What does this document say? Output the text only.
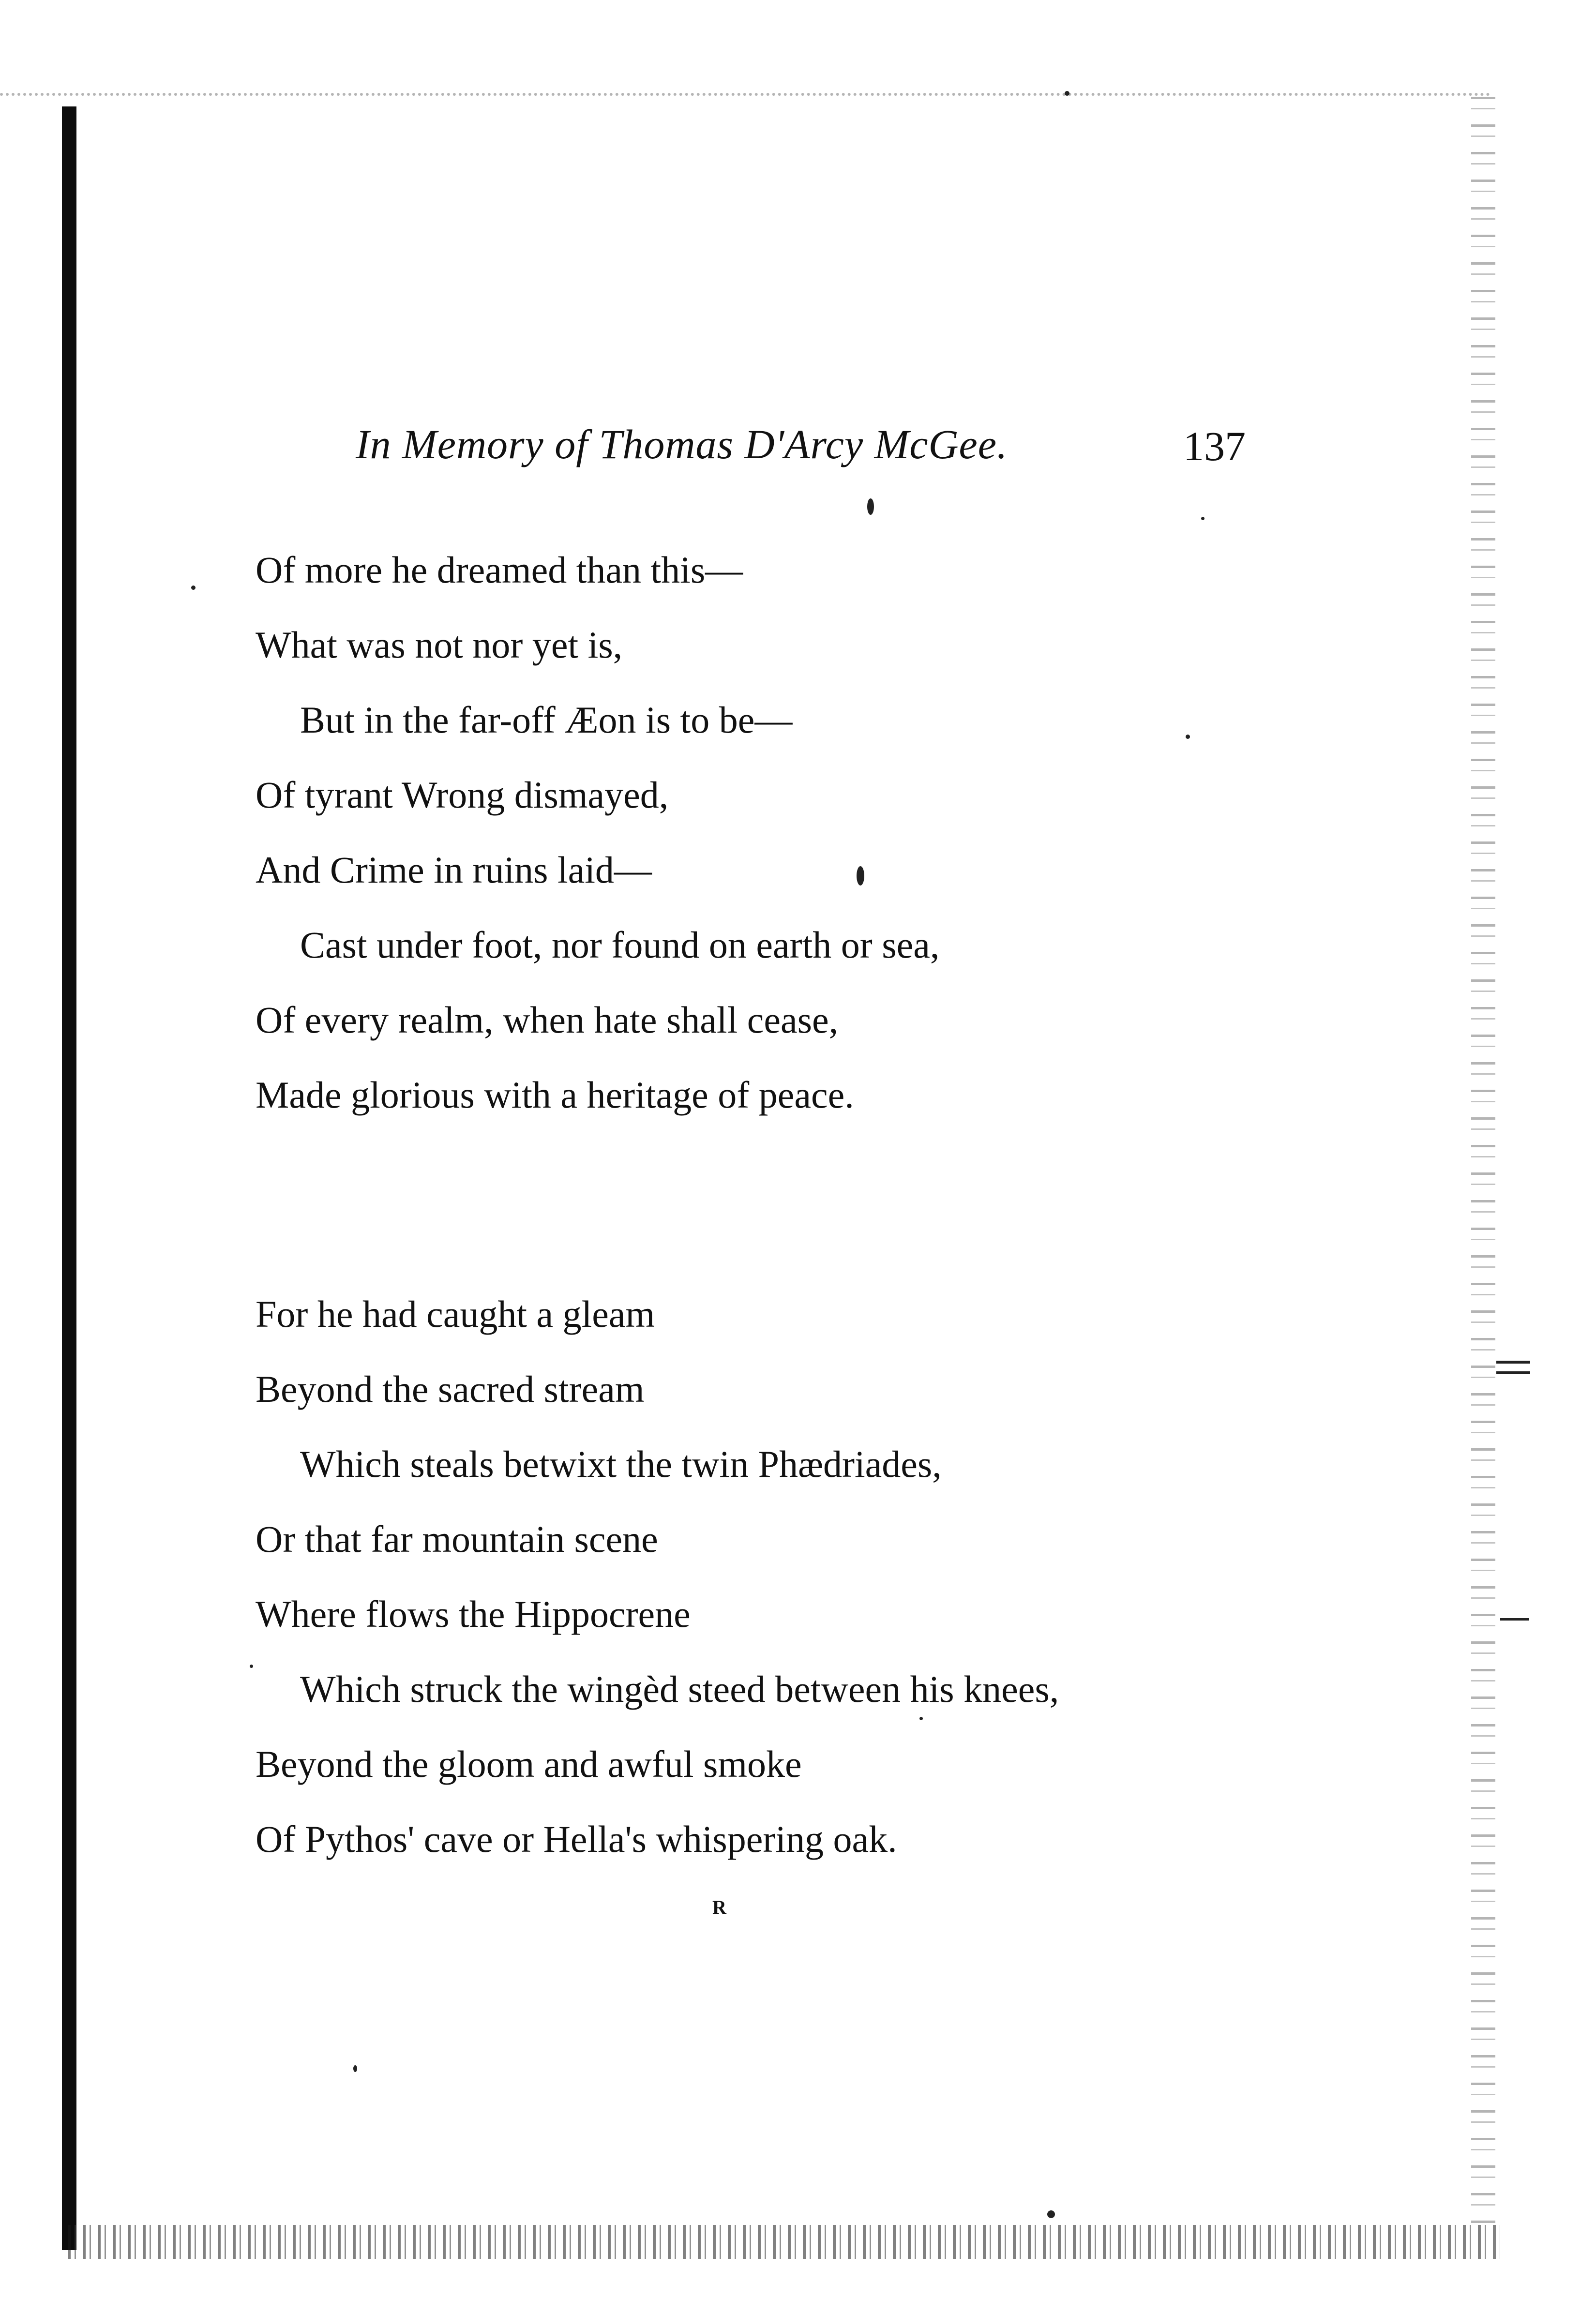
In Memory of Thomas D'Arcy McGee.	137
Of more he dreamed than this—
What was not nor yet is,
But in the far-off Æon is to be—
Of tyrant Wrong dismayed,
And Crime in ruins laid—
Cast under foot, nor found on earth or sea,
Of every realm, when hate shall cease,
Made glorious with a heritage of peace.
For he had caught a gleam
Beyond the sacred stream
Which steals betwixt the twin Phædriades,
Or that far mountain scene
Where flows the Hippocrene
Which struck the wingèd steed between his knees,
Beyond the gloom and awful smoke
Of Pythos' cave or Hella's whispering oak.
R
